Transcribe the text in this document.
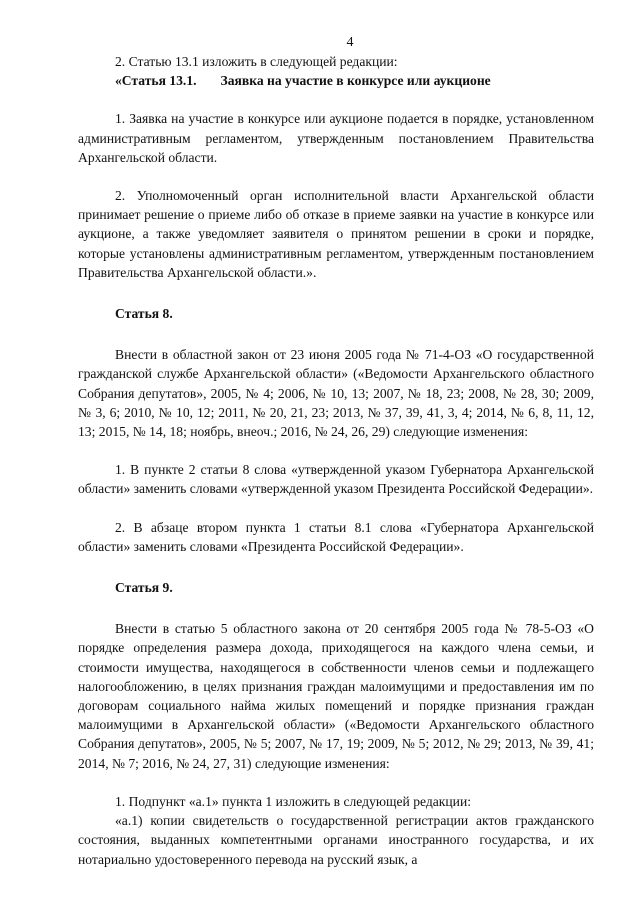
4

2. Статью 13.1 изложить в следующей редакции:

«Статья 13.1. Заявка на участие в конкурсе или аукционе

1. Заявка на участие в конкурсе или аукционе подается в порядке, установленном административным регламентом, утвержденным постановлением Правительства Архангельской области.

2. Уполномоченный орган исполнительной власти Архангельской области принимает решение о приеме либо об отказе в приеме заявки на участие в конкурсе или аукционе, а также уведомляет заявителя о принятом решении в сроки и порядке, которые установлены административным регламентом, утвержденным постановлением Правительства Архангельской области.».

Статья 8.

Внести в областной закон от 23 июня 2005 года № 71-4-ОЗ «О государственной гражданской службе Архангельской области» («Ведомости Архангельского областного Собрания депутатов», 2005, № 4; 2006, № 10, 13; 2007, № 18, 23; 2008, № 28, 30; 2009, № 3, 6; 2010, № 10, 12; 2011, № 20, 21, 23; 2013, № 37, 39, 41, 3, 4; 2014, № 6, 8, 11, 12, 13; 2015, № 14, 18; ноябрь, внеоч.; 2016, № 24, 26, 29) следующие изменения:

1. В пункте 2 статьи 8 слова «утвержденной указом Губернатора Архангельской области» заменить словами «утвержденной указом Президента Российской Федерации».

2. В абзаце втором пункта 1 статьи 8.1 слова «Губернатора Архангельской области» заменить словами «Президента Российской Федерации».

Статья 9.

Внести в статью 5 областного закона от 20 сентября 2005 года № 78-5-ОЗ «О порядке определения размера дохода, приходящегося на каждого члена семьи, и стоимости имущества, находящегося в собственности членов семьи и подлежащего налогообложению, в целях признания граждан малоимущими и предоставления им по договорам социального найма жилых помещений и порядке признания граждан малоимущими в Архангельской области» («Ведомости Архангельского областного Собрания депутатов», 2005, № 5; 2007, № 17, 19; 2009, № 5; 2012, № 29; 2013, № 39, 41; 2014, № 7; 2016, № 24, 27, 31) следующие изменения:

1. Подпункт «а.1» пункта 1 изложить в следующей редакции:

«а.1) копии свидетельств о государственной регистрации актов гражданского состояния, выданных компетентными органами иностранного государства, и их нотариально удостоверенного перевода на русский язык, а
